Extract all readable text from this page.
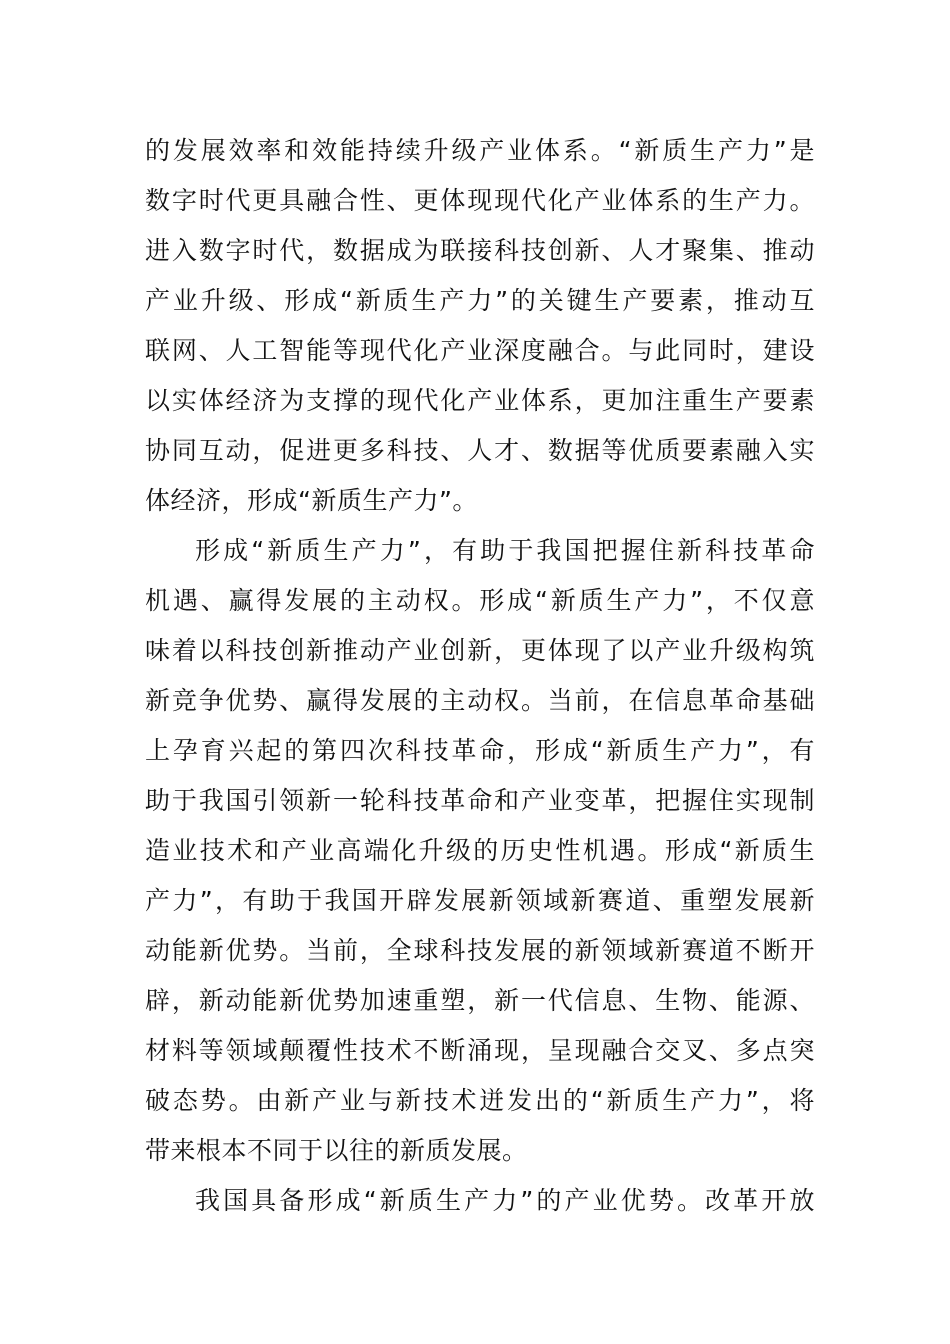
的发展效率和效能持续升级产业体系。“新质生产力”是
数字时代更具融合性、更体现现代化产业体系的生产力。
进入数字时代，数据成为联接科技创新、人才聚集、推动
产业升级、形成“新质生产力”的关键生产要素，推动互
联网、人工智能等现代化产业深度融合。与此同时，建设
以实体经济为支撑的现代化产业体系，更加注重生产要素
协同互动，促进更多科技、人才、数据等优质要素融入实
体经济，形成“新质生产力”。
形成“新质生产力”，有助于我国把握住新科技革命
机遇、赢得发展的主动权。形成“新质生产力”，不仅意
味着以科技创新推动产业创新，更体现了以产业升级构筑
新竞争优势、赢得发展的主动权。当前，在信息革命基础
上孕育兴起的第四次科技革命，形成“新质生产力”，有
助于我国引领新一轮科技革命和产业变革，把握住实现制
造业技术和产业高端化升级的历史性机遇。形成“新质生
产力”，有助于我国开辟发展新领域新赛道、重塑发展新
动能新优势。当前，全球科技发展的新领域新赛道不断开
辟，新动能新优势加速重塑，新一代信息、生物、能源、
材料等领域颠覆性技术不断涌现，呈现融合交叉、多点突
破态势。由新产业与新技术迸发出的“新质生产力”，将
带来根本不同于以往的新质发展。
我国具备形成“新质生产力”的产业优势。改革开放
